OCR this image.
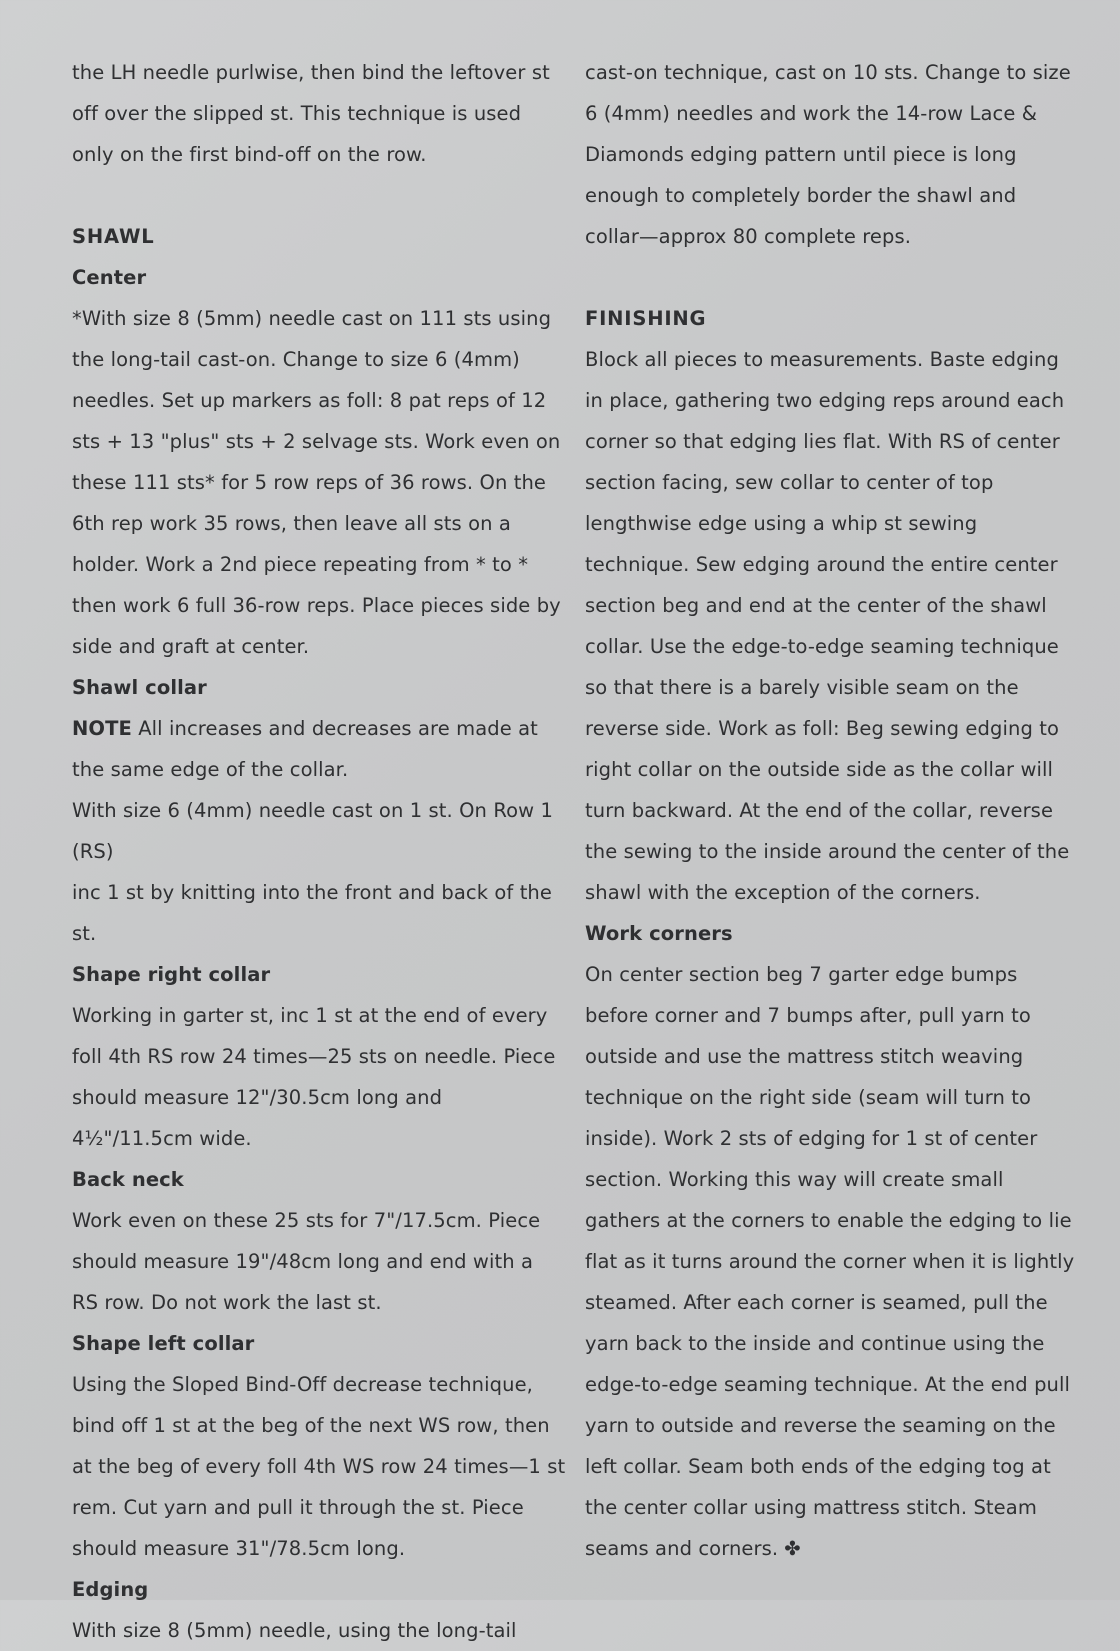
the LH needle purlwise, then bind the leftover st
off over the slipped st. This technique is used
only on the first bind-off on the row.

SHAWL

Center

*With size 8 (5mm) needle cast on 111 sts using
the long-tail cast-on. Change to size 6 (4mm)
needles. Set up markers as foll: 8 pat reps of 12
sts + 13 "plus" sts + 2 selvage sts. Work even on
these 111 sts* for 5 row reps of 36 rows. On the
6th rep work 35 rows, then leave all sts on a
holder. Work a 2nd piece repeating from * to *
then work 6 full 36-row reps. Place pieces side by
side and graft at center.

Shawl collar

NOTE All increases and decreases are made at
the same edge of the collar.

With size 6 (4mm) needle cast on 1 st. On Row 1 (RS)
inc 1 st by knitting into the front and back of the st.

Shape right collar

Working in garter st, inc 1 st at the end of every
foll 4th RS row 24 times—25 sts on needle. Piece
should measure 12"/30.5cm long and
4½"/11.5cm wide.

Back neck

Work even on these 25 sts for 7"/17.5cm. Piece
should measure 19"/48cm long and end with a
RS row. Do not work the last st.

Shape left collar

Using the Sloped Bind-Off decrease technique,
bind off 1 st at the beg of the next WS row, then
at the beg of every foll 4th WS row 24 times—1 st
rem. Cut yarn and pull it through the st. Piece
should measure 31"/78.5cm long.

Edging

With size 8 (5mm) needle, using the long-tail

cast-on technique, cast on 10 sts. Change to size
6 (4mm) needles and work the 14-row Lace &
Diamonds edging pattern until piece is long
enough to completely border the shawl and
collar—approx 80 complete reps.

FINISHING

Block all pieces to measurements. Baste edging
in place, gathering two edging reps around each
corner so that edging lies flat. With RS of center
section facing, sew collar to center of top
lengthwise edge using a whip st sewing
technique. Sew edging around the entire center
section beg and end at the center of the shawl
collar. Use the edge-to-edge seaming technique
so that there is a barely visible seam on the
reverse side. Work as foll: Beg sewing edging to
right collar on the outside side as the collar will
turn backward. At the end of the collar, reverse
the sewing to the inside around the center of the
shawl with the exception of the corners.

Work corners

On center section beg 7 garter edge bumps
before corner and 7 bumps after, pull yarn to
outside and use the mattress stitch weaving
technique on the right side (seam will turn to
inside). Work 2 sts of edging for 1 st of center
section. Working this way will create small
gathers at the corners to enable the edging to lie
flat as it turns around the corner when it is lightly
steamed. After each corner is seamed, pull the
yarn back to the inside and continue using the
edge-to-edge seaming technique. At the end pull
yarn to outside and reverse the seaming on the
left collar. Seam both ends of the edging tog at
the center collar using mattress stitch. Steam
seams and corners. ✤
